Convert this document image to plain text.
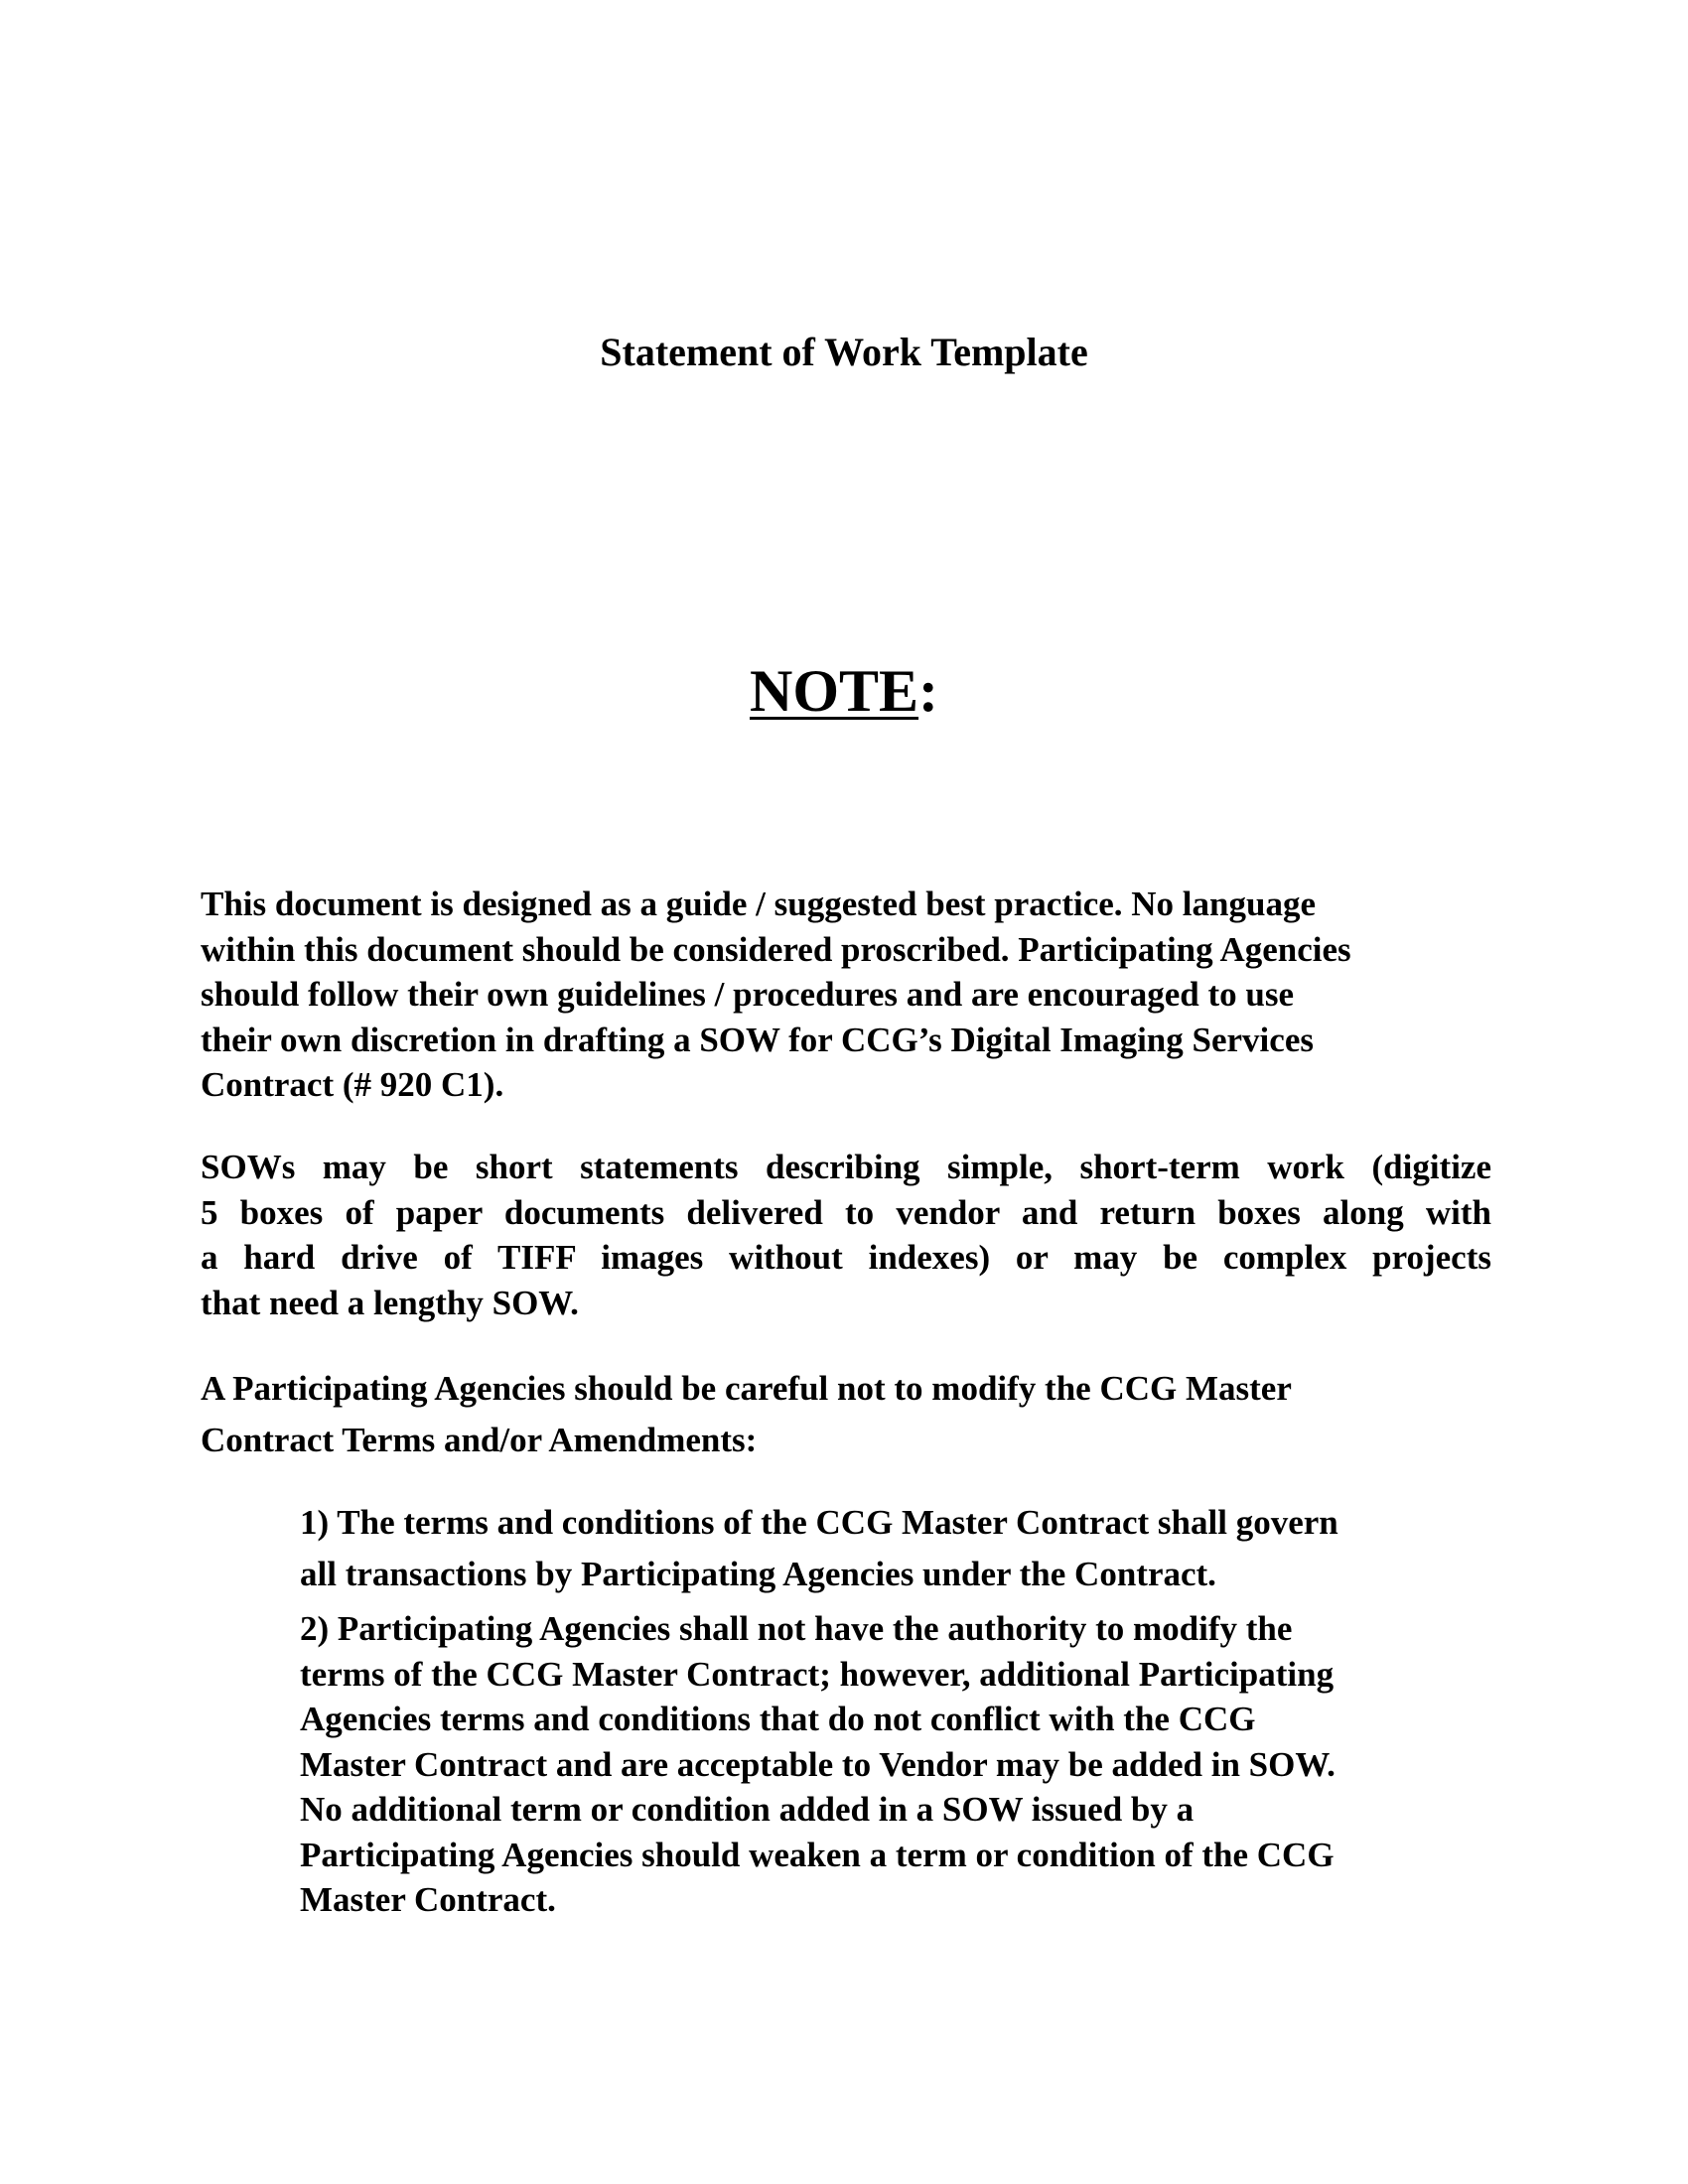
Statement of Work Template
NOTE:
This document is designed as a guide / suggested best practice. No language
within this document should be considered proscribed. Participating Agencies
should follow their own guidelines / procedures and are encouraged to use
their own discretion in drafting a SOW for CCG’s Digital Imaging Services
Contract (# 920 C1).
SOWs may be short statements describing simple, short-term work (digitize
5 boxes of paper documents delivered to vendor and return boxes along with
a hard drive of TIFF images without indexes) or may be complex projects
that need a lengthy SOW.
A Participating Agencies should be careful not to modify the CCG Master
Contract Terms and/or Amendments:
1) The terms and conditions of the CCG Master Contract shall govern
all transactions by Participating Agencies under the Contract.
2) Participating Agencies shall not have the authority to modify the
terms of the CCG Master Contract; however, additional Participating
Agencies terms and conditions that do not conflict with the CCG
Master Contract and are acceptable to Vendor may be added in SOW.
No additional term or condition added in a SOW issued by a
Participating Agencies should weaken a term or condition of the CCG
Master Contract.
